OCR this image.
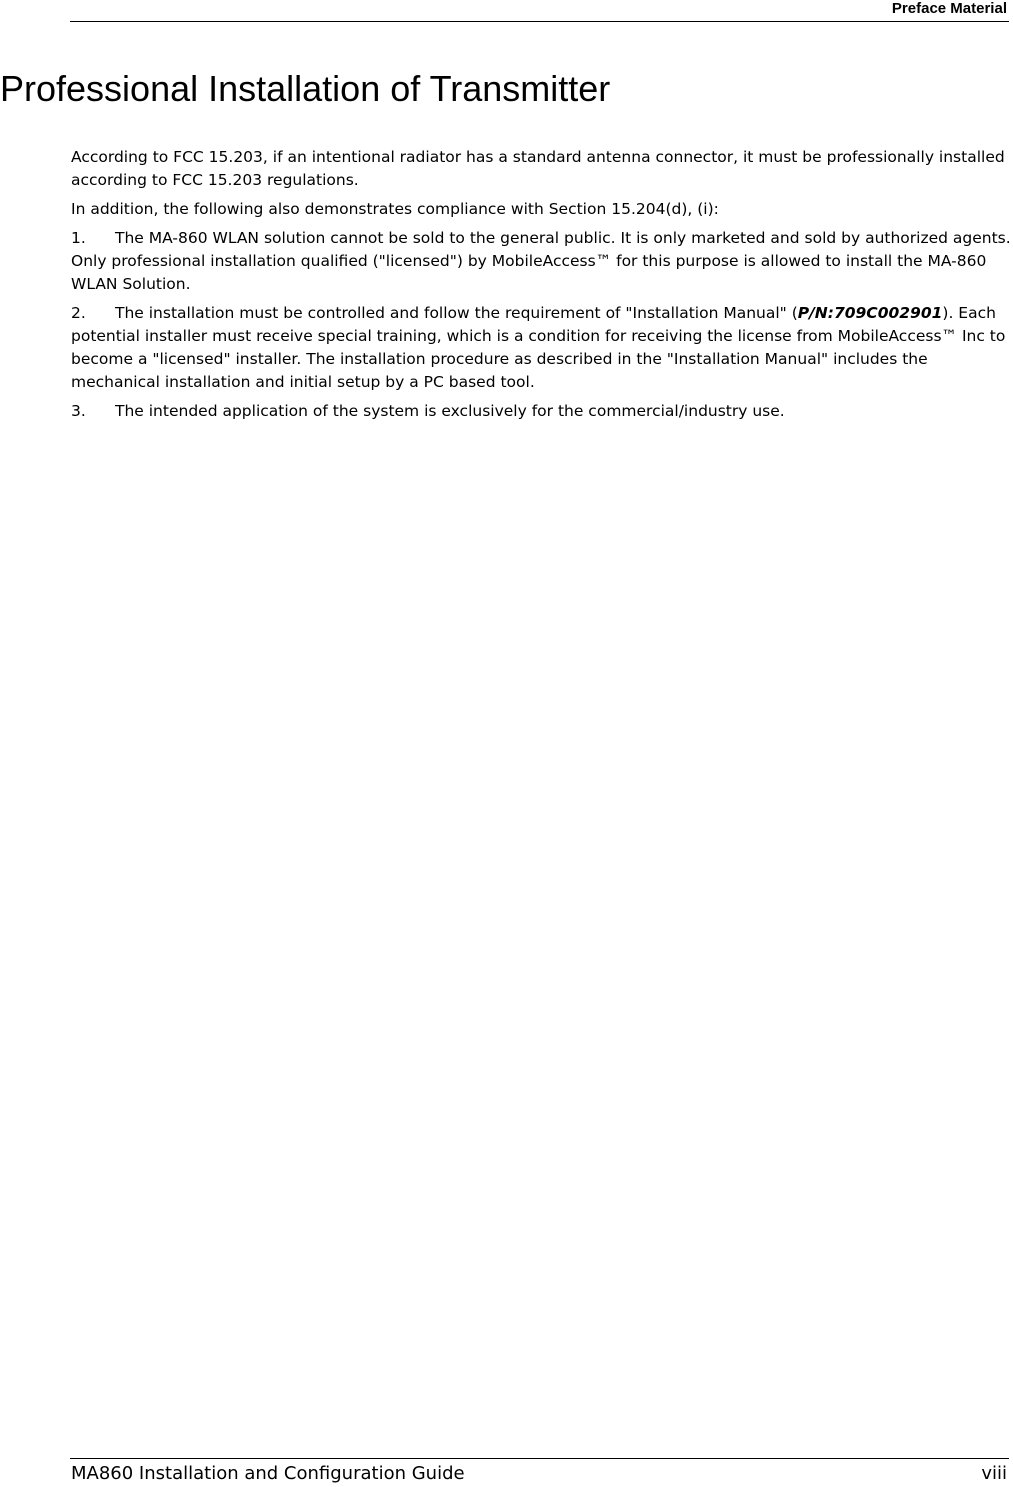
Preface Material
Professional Installation of Transmitter

According to FCC 15.203, if an intentional radiator has a standard antenna connector, it must be professionally installed according to FCC 15.203 regulations.

In addition, the following also demonstrates compliance with Section 15.204(d), (i):

1. The MA-860 WLAN solution cannot be sold to the general public. It is only marketed and sold by authorized agents. Only professional installation qualified ("licensed") by MobileAccess™ for this purpose is allowed to install the MA-860 WLAN Solution.

2. The installation must be controlled and follow the requirement of "Installation Manual" (P/N:709C002901). Each potential installer must receive special training, which is a condition for receiving the license from MobileAccess™ Inc to become a "licensed" installer. The installation procedure as described in the "Installation Manual" includes the mechanical installation and initial setup by a PC based tool.

3. The intended application of the system is exclusively for the commercial/industry use.

MA860 Installation and Configuration Guide	viii
